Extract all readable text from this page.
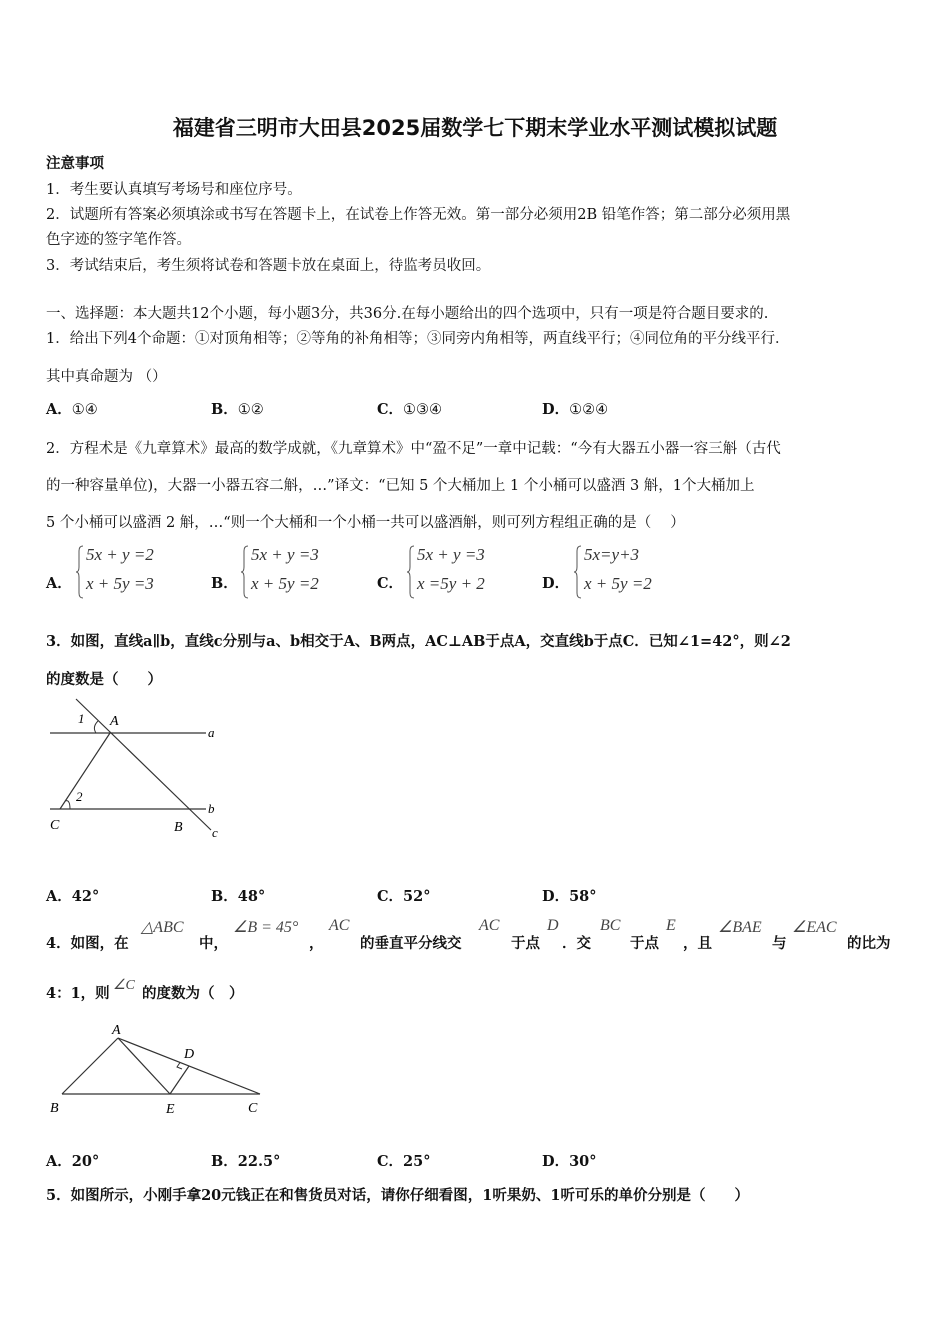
福建省三明市大田县2025届数学七下期末学业水平测试模拟试题
注意事项
1．考生要认真填写考场号和座位序号。
2．试题所有答案必须填涂或书写在答题卡上，在试卷上作答无效。第一部分必须用2B 铅笔作答；第二部分必须用黑
色字迹的签字笔作答。
3．考试结束后，考生须将试卷和答题卡放在桌面上，待监考员收回。
一、选择题：本大题共12个小题，每小题3分，共36分.在每小题给出的四个选项中，只有一项是符合题目要求的.
1．给出下列4个命题：①对顶角相等；②等角的补角相等；③同旁内角相等，两直线平行；④同位角的平分线平行．
其中真命题为 （）
A．①④	B．①②	C．①③④	D．①②④
2．方程术是《九章算术》最高的数学成就，《九章算术》中“盈不足”一章中记载：“今有大器五小器一容三斛（古代
的一种容量单位)，大器一小器五容二斛，…”译文：“已知 5 个大桶加上 1 个小桶可以盛酒 3 斛，1个大桶加上
5 个小桶可以盛酒 2 斛，…“则一个大桶和一个小桶一共可以盛酒斛，则可列方程组正确的是（　 ）
A．
5x + y =2
x + 5y =3	B．
5x + y =3
x + 5y =2	C．
5x + y =3
x =5y + 2	D．
5x=y+3
x + 5y =2
3．如图，直线a∥b，直线c分别与a、b相交于A、B两点，AC⊥AB于点A，交直线b于点C．已知∠1=42°，则∠2
的度数是（　　）
1 A
a
2
b
C	B c
A．42°	B．48°	C．52°	D．58°
4．如图，在
△ABC
中，
∠B = 45°
，
AC
的垂直平分线交
AC
于点
D
．交
BC
于点
E
，且
∠BAE
与
∠EAC
的比为
4：1，则 ∠C 的度数为（　）
A
D
B	E	C
A．20°	B．22.5°	C．25°	D．30°
5．如图所示，小刚手拿20元钱正在和售货员对话，请你仔细看图，1听果奶、1听可乐的单价分别是（　　）
